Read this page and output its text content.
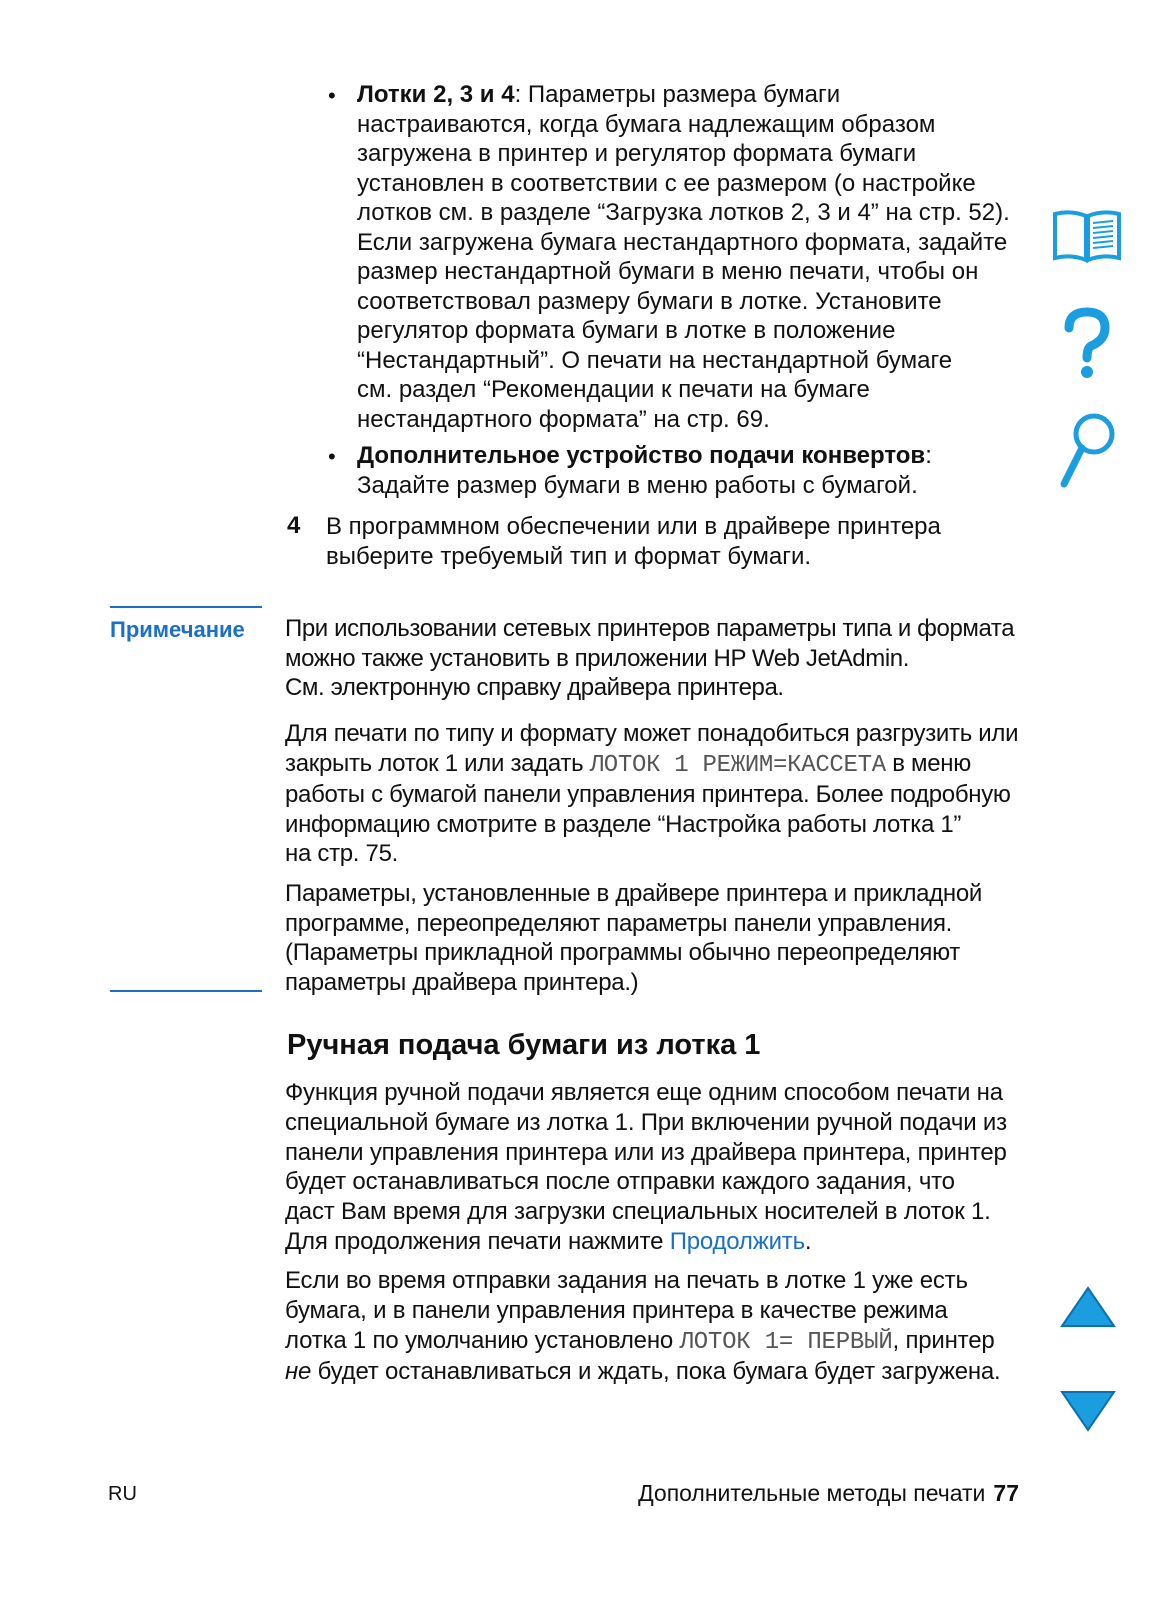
• Лотки 2, 3 и 4: Параметры размера бумаги
настраиваются, когда бумага надлежащим образом
загружена в принтер и регулятор формата бумаги
установлен в соответствии с ее размером (о настройке
лотков см. в разделе “Загрузка лотков 2, 3 и 4” на стр. 52).
Если загружена бумага нестандартного формата, задайте
размер нестандартной бумаги в меню печати, чтобы он
соответствовал размеру бумаги в лотке. Установите
регулятор формата бумаги в лотке в положение
“Нестандартный”. О печати на нестандартной бумаге
см. раздел “Рекомендации к печати на бумаге
нестандартного формата” на стр. 69.
• Дополнительное устройство подачи конвертов:
Задайте размер бумаги в меню работы с бумагой.
4 В программном обеспечении или в драйвере принтера
выберите требуемый тип и формат бумаги.
Примечание При использовании сетевых принтеров параметры типа и формата
можно также установить в приложении HP Web JetAdmin.
См. электронную справку драйвера принтера.
Для печати по типу и формату может понадобиться разгрузить или
закрыть лоток 1 или задать ЛОТОК 1 РЕЖИМ=КАССЕТА в меню
работы с бумагой панели управления принтера. Более подробную
информацию смотрите в разделе “Настройка работы лотка 1”
на стр. 75.
Параметры, установленные в драйвере принтера и прикладной
программе, переопределяют параметры панели управления.
(Параметры прикладной программы обычно переопределяют
параметры драйвера принтера.)
Ручная подача бумаги из лотка 1
Функция ручной подачи является еще одним способом печати на
специальной бумаге из лотка 1. При включении ручной подачи из
панели управления принтера или из драйвера принтера, принтер
будет останавливаться после отправки каждого задания, что
даст Вам время для загрузки специальных носителей в лоток 1.
Для продолжения печати нажмите Продолжить.
Если во время отправки задания на печать в лотке 1 уже есть
бумага, и в панели управления принтера в качестве режима
лотка 1 по умолчанию установлено ЛОТОК 1= ПЕРВЫЙ, принтер
не будет останавливаться и ждать, пока бумага будет загружена.
RU	Дополнительные методы печати 77
